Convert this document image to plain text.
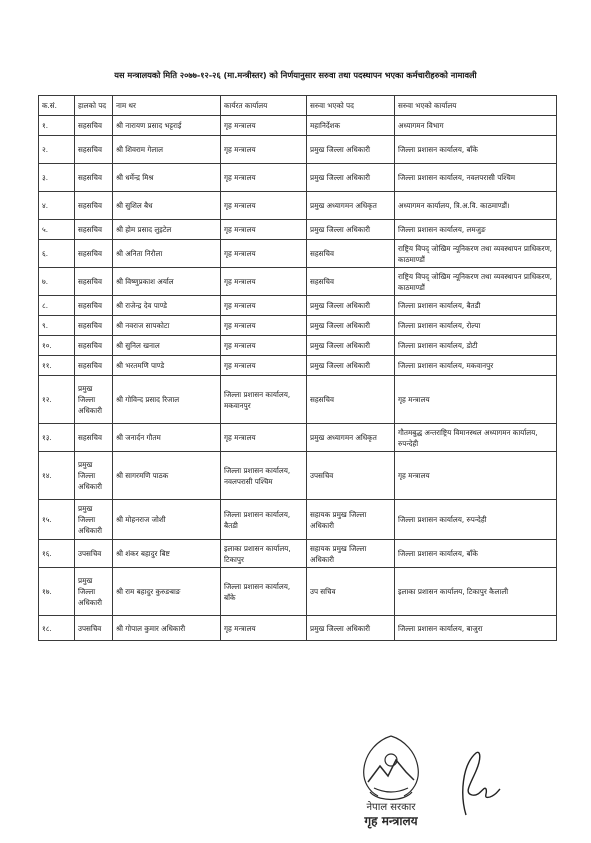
यस मन्त्रालयको मिति २०७७-१२-२६ (मा.मन्त्रीस्तर) को निर्णयानुसार सरुवा तथा पदस्थापन भएका कर्मचारीहरुको नामावली
क.सं.	हालको पद	नाम थर	कार्यरत कार्यालय	सरुवा भएको पद	सरुवा भएको कार्यालय
१.	सहसचिव	श्री नारायण प्रसाद भट्टराई	गृह मन्त्रालय	महानिर्देशक	अध्यागमन विभाग
२.	सहसचिव	श्री शिवराम गेलाल	गृह मन्त्रालय	प्रमुख जिल्ला अधिकारी	जिल्ला प्रशासन कार्यालय, बाँके
३.	सहसचिव	श्री धर्मेन्द्र मिश्र	गृह मन्त्रालय	प्रमुख जिल्ला अधिकारी	जिल्ला प्रशासन कार्यालय, नवलपरासी पश्चिम
४.	सहसचिव	श्री सुशिल बैध	गृह मन्त्रालय	प्रमुख अध्यागमन अधिकृत	अध्यागमन कार्यालय, त्रि.अ.वि. काठमाण्डौं।
५.	सहसचिव	श्री होम प्रसाद लुइटेल	गृह मन्त्रालय	प्रमुख जिल्ला अधिकारी	जिल्ला प्रशासन कार्यालय, लमजुङ
६.	सहसचिव	श्री अनिता निरौला	गृह मन्त्रालय	सहसचिव	राष्ट्रिय विपद् जोखिम न्यूनिकरण तथा व्यवस्थापन प्राधिकरण, काठमाण्डौं
७.	सहसचिव	श्री विष्णुप्रकाश अर्याल	गृह मन्त्रालय	सहसचिव	राष्ट्रिय विपद् जोखिम न्यूनिकरण तथा व्यवस्थापन प्राधिकरण, काठमाण्डौं
८.	सहसचिव	श्री राजेन्द्र देव पाण्डे	गृह मन्त्रालय	प्रमुख जिल्ला अधिकारी	जिल्ला प्रशासन कार्यालय, बैतडी
९.	सहसचिव	श्री नवराज सापकोटा	गृह मन्त्रालय	प्रमुख जिल्ला अधिकारी	जिल्ला प्रशासन कार्यालय, रोल्पा
१०.	सहसचिव	श्री सुनिल खनाल	गृह मन्त्रालय	प्रमुख जिल्ला अधिकारी	जिल्ला प्रशासन कार्यालय, डोटी
११.	सहसचिव	श्री भरतमणि पाण्डे	गृह मन्त्रालय	प्रमुख जिल्ला अधिकारी	जिल्ला प्रशासन कार्यालय, मकवानपुर
१२.	प्रमुख जिल्ला अधिकारी	श्री गोविन्द प्रसाद रिजाल	जिल्ला प्रशासन कार्यालय, मकवानपुर	सहसचिव	गृह मन्त्रालय
१३.	सहसचिव	श्री जनार्दन गौतम	गृह मन्त्रालय	प्रमुख अध्यागमन अधिकृत	गौतमबुद्ध अन्तराष्ट्रिय विमानस्थल अध्यागमन कार्यालय, रुपन्देही
१४.	प्रमुख जिल्ला अधिकारी	श्री सागरमणि पाठक	जिल्ला प्रशासन कार्यालय, नवलपरासी पश्चिम	उपसचिव	गृह मन्त्रालय
१५.	प्रमुख जिल्ला अधिकारी	श्री मोहनराज जोशी	जिल्ला प्रशासन कार्यालय, बैतडी	सहायक प्रमुख जिल्ला अधिकारी	जिल्ला प्रशासन कार्यालय, रुपन्देही
१६.	उपसचिव	श्री शंकर बहादुर बिष्ट	इलाका प्रशासन कार्यालय, टिकापुर	सहायक प्रमुख जिल्ला अधिकारी	जिल्ला प्रशासन कार्यालय, बाँके
१७.	प्रमुख जिल्ला अधिकारी	श्री राम बहादुर कुरुङबाङ	जिल्ला प्रशासन कार्यालय, बाँके	उप सचिव	इलाका प्रशासन कार्यालय, टिकापुर कैलाली
१८.	उपसचिव	श्री गोपाल कुमार अधिकारी	गृह मन्त्रालय	प्रमुख जिल्ला अधिकारी	जिल्ला प्रशासन कार्यालय, बाजुरा
नेपाल सरकार
गृह मन्त्रालय
